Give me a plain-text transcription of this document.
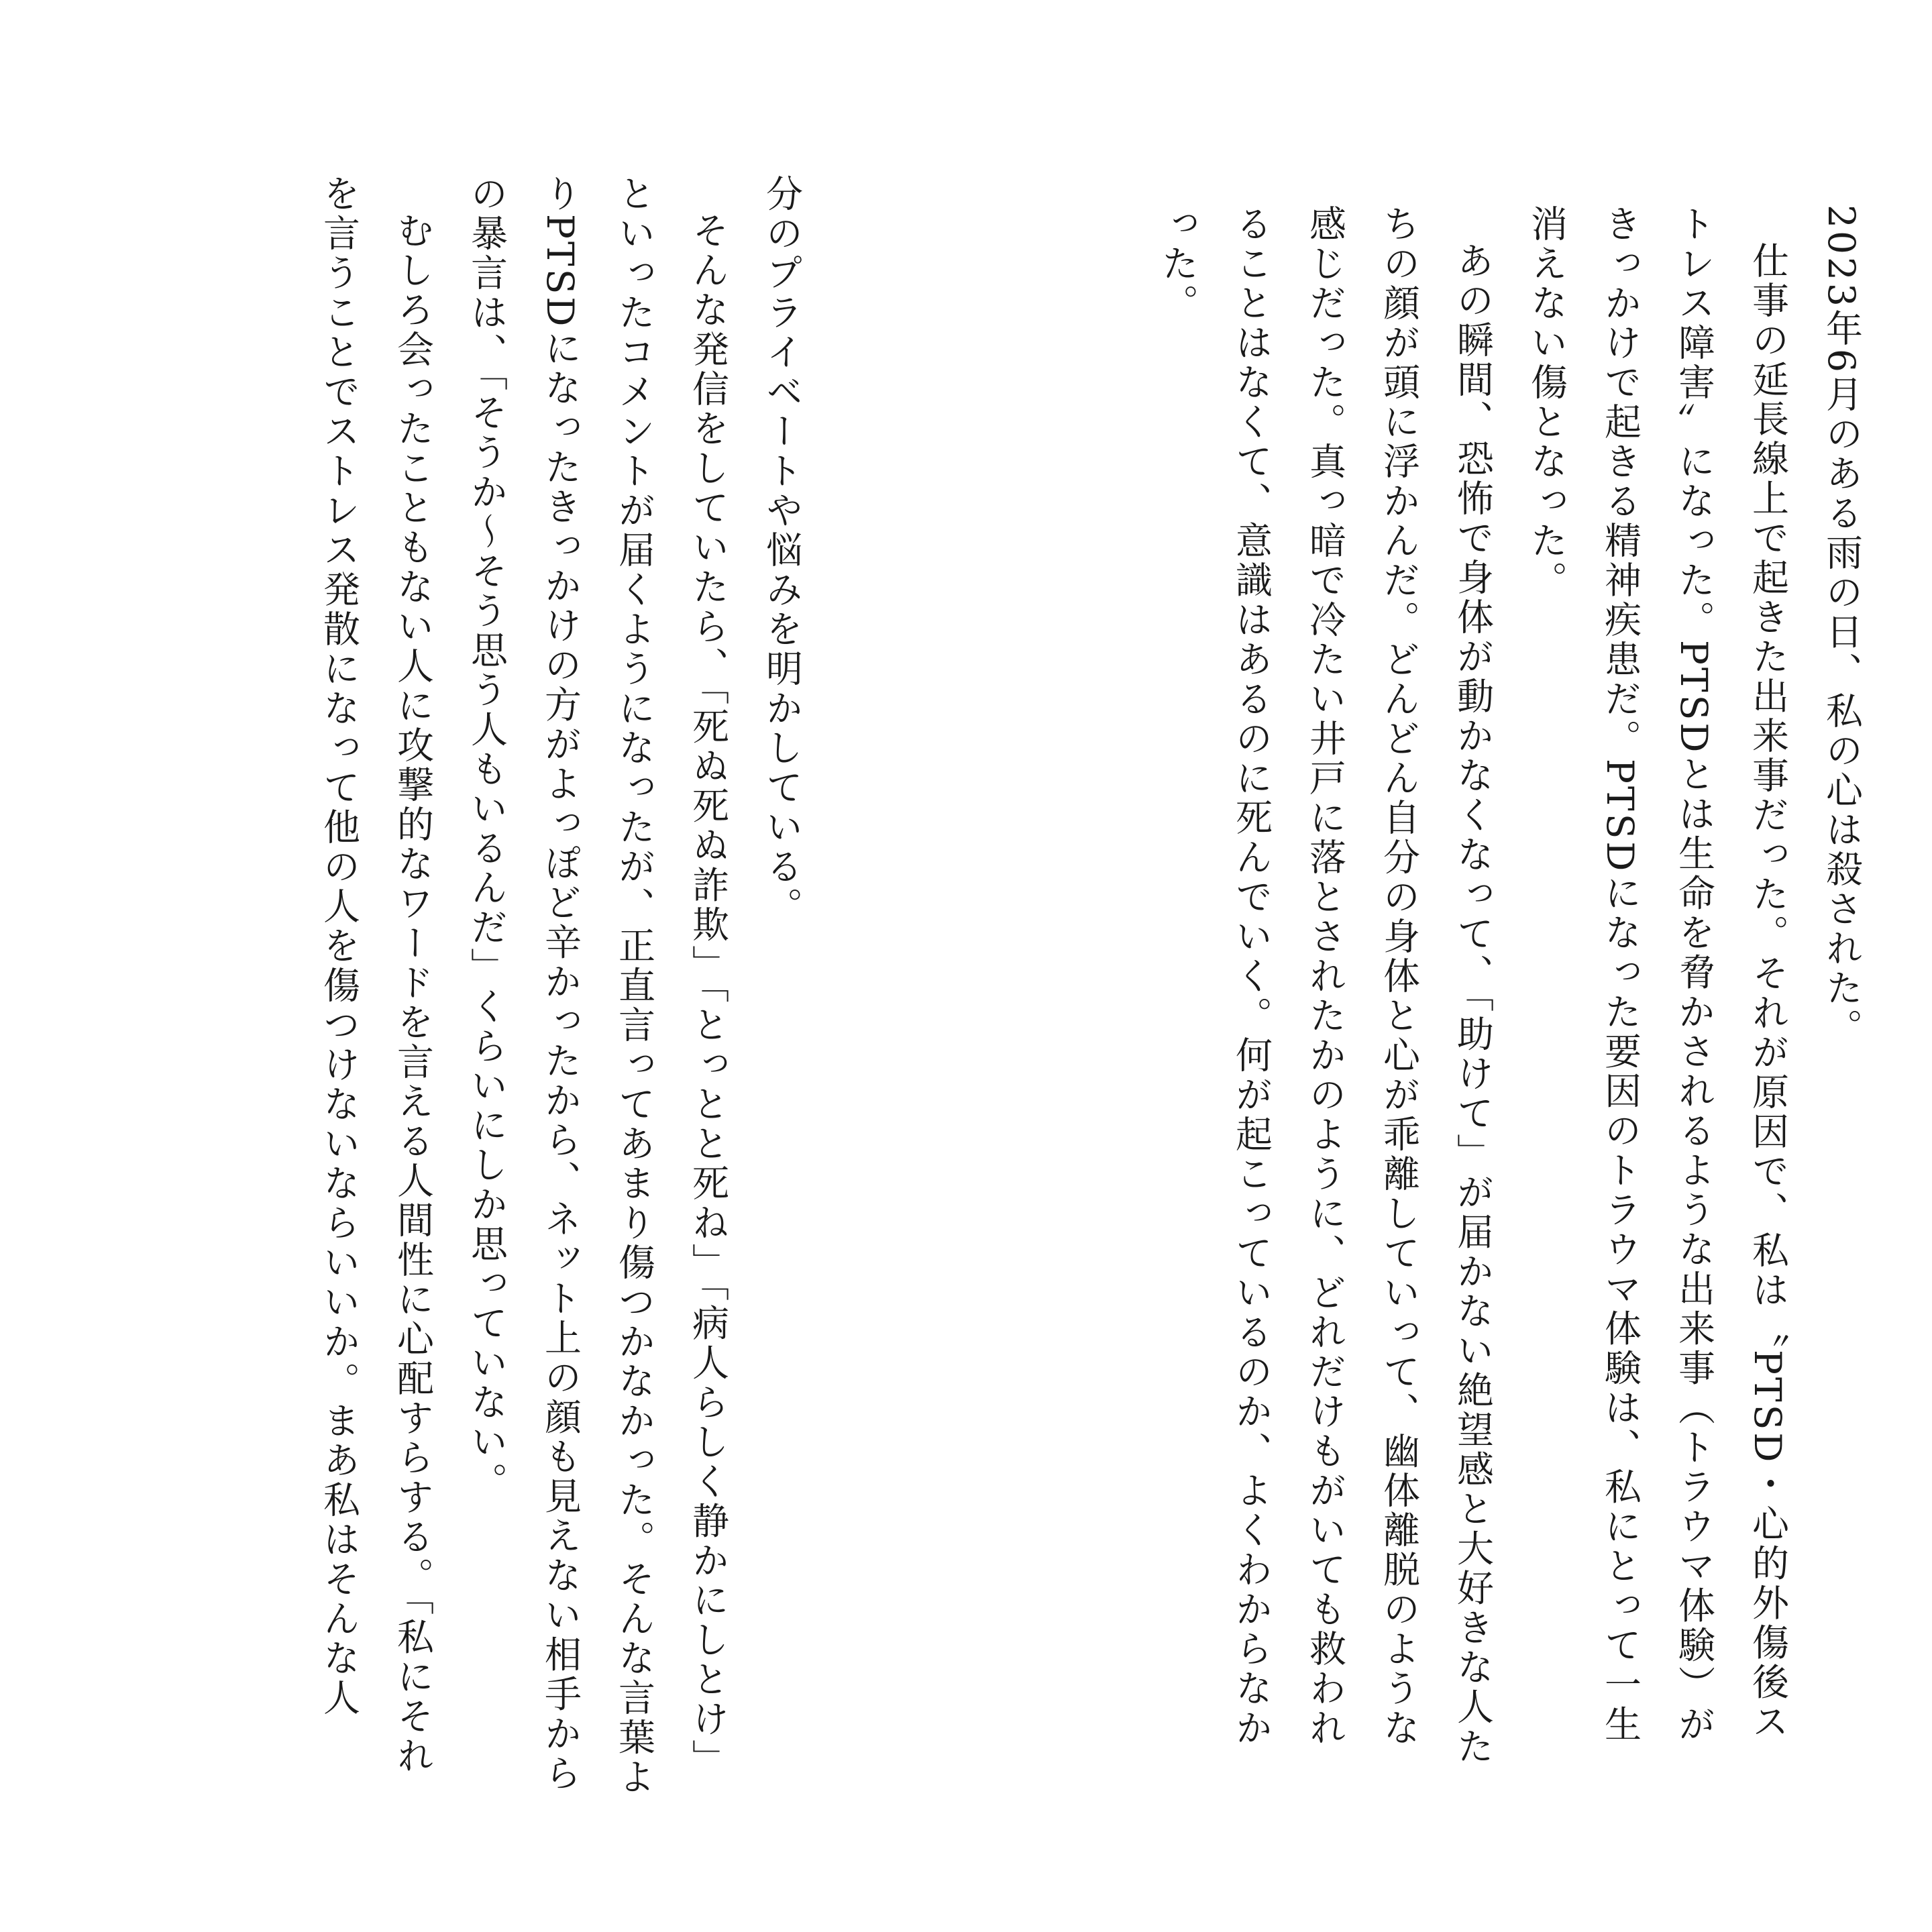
2023年6月のある雨の日、私の心は殺された。

仕事の延長線上で起きた出来事だった。それが原因で、私は〝PTSD・心的外傷後ストレス障害〟になった。PTSDとは生命を脅かされるような出来事（トラウマ体験）がきっかけで起きる精神疾患だ。PTSDになった要因のトラウマ体験は、私にとって一生消えない傷となった。

あの瞬間、恐怖で身体が動かなくなって、「助けて」が届かない絶望感と大好きな人たちの顔が頭に浮かんだ。どんどん自分の身体と心が乖離していって、幽体離脱のような感じだった。真っ暗で冷たい井戸に落とされたかのように、どれだけもがいても救われることはなくて、意識はあるのに死んでいく。何が起こっているのか、よくわからなかった。

分のプライベートや悩みを明かしている。

そんな発信をしていたら、「死ぬ死ぬ詐欺」「とっとと死ね」「病人らしく静かにしとけ」といったコメントが届くようになったが、正直言ってあまり傷つかなかった。そんな言葉よりPTSDになったきっかけの方がよっぽど辛かったから、ネット上の顔も見えない相手からの暴言は、「そうか〜そう思う人もいるんだ」くらいにしか思っていない。

むしろ会ったこともない人に攻撃的なワードを言える人間性に心配すらする。「私にそれを言うことでストレス発散になって他の人を傷つけないならいいか。まあ私はそんな人
